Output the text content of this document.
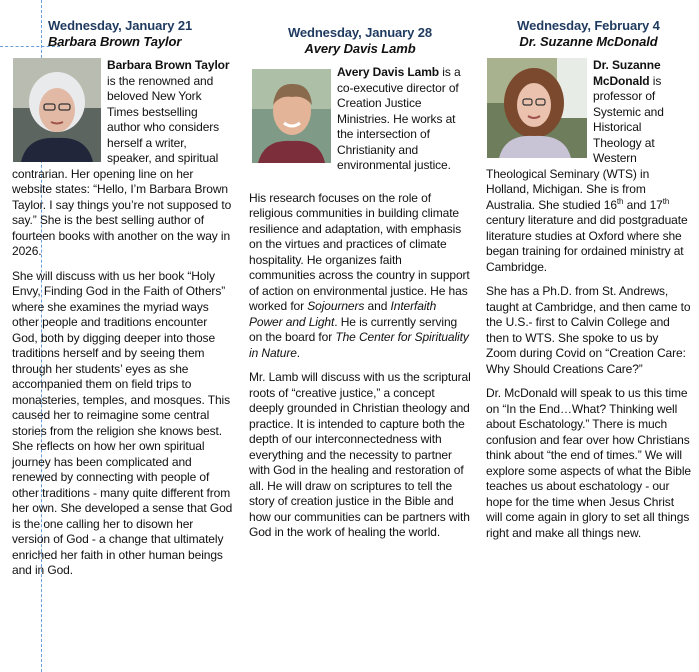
Wednesday, January 21
Barbara Brown Taylor

Barbara Brown Taylor is the renowned and beloved New York Times bestselling author who considers herself a writer, speaker, and spiritual contrarian. Her opening line on her website states: “Hello, I’m Barbara Brown Taylor. I say things you’re not supposed to say.” She is the best selling author of fourteen books with another on the way in 2026.

She will discuss with us her book “Holy Envy, Finding God in the Faith of Others” where she examines the myriad ways other people and traditions encounter God, both by digging deeper into those traditions herself and by seeing them through her students’ eyes as she accompanied them on field trips to monasteries, temples, and mosques. This caused her to reimagine some central stories from the religion she knows best. She reflects on how her own spiritual journey has been complicated and renewed by connecting with people of other traditions - many quite different from her own. She developed a sense that God is the one calling her to disown her version of God - a change that ultimately enriched her faith in other human beings and in God.

Wednesday, January 28
Avery Davis Lamb

Avery Davis Lamb is a co-executive director of Creation Justice Ministries. He works at the intersection of Christianity and environmental justice.

His research focuses on the role of religious communities in building climate resilience and adaptation, with emphasis on the virtues and practices of climate hospitality. He organizes faith communities across the country in support of action on environmental justice. He has worked for Sojourners and Interfaith Power and Light. He is currently serving on the board for The Center for Spirituality in Nature.

Mr. Lamb will discuss with us the scriptural roots of “creative justice,” a concept deeply grounded in Christian theology and practice. It is intended to capture both the depth of our interconnectedness with everything and the necessity to partner with God in the healing and restoration of all. He will draw on scriptures to tell the story of creation justice in the Bible and how our communities can be partners with God in the work of healing the world.

Wednesday, February 4
Dr. Suzanne McDonald

Dr. Suzanne McDonald is professor of Systemic and Historical Theology at Western Theological Seminary (WTS) in Holland, Michigan. She is from Australia. She studied 16th and 17th century literature and did postgraduate literature studies at Oxford where she began training for ordained ministry at Cambridge.

She has a Ph.D. from St. Andrews, taught at Cambridge, and then came to the U.S.- first to Calvin College and then to WTS. She spoke to us by Zoom during Covid on “Creation Care: Why Should Creations Care?”

Dr. McDonald will speak to us this time on “In the End…What? Thinking well about Eschatology.” There is much confusion and fear over how Christians think about “the end of times.” We will explore some aspects of what the Bible teaches us about eschatology - our hope for the time when Jesus Christ will come again in glory to set all things right and make all things new.
